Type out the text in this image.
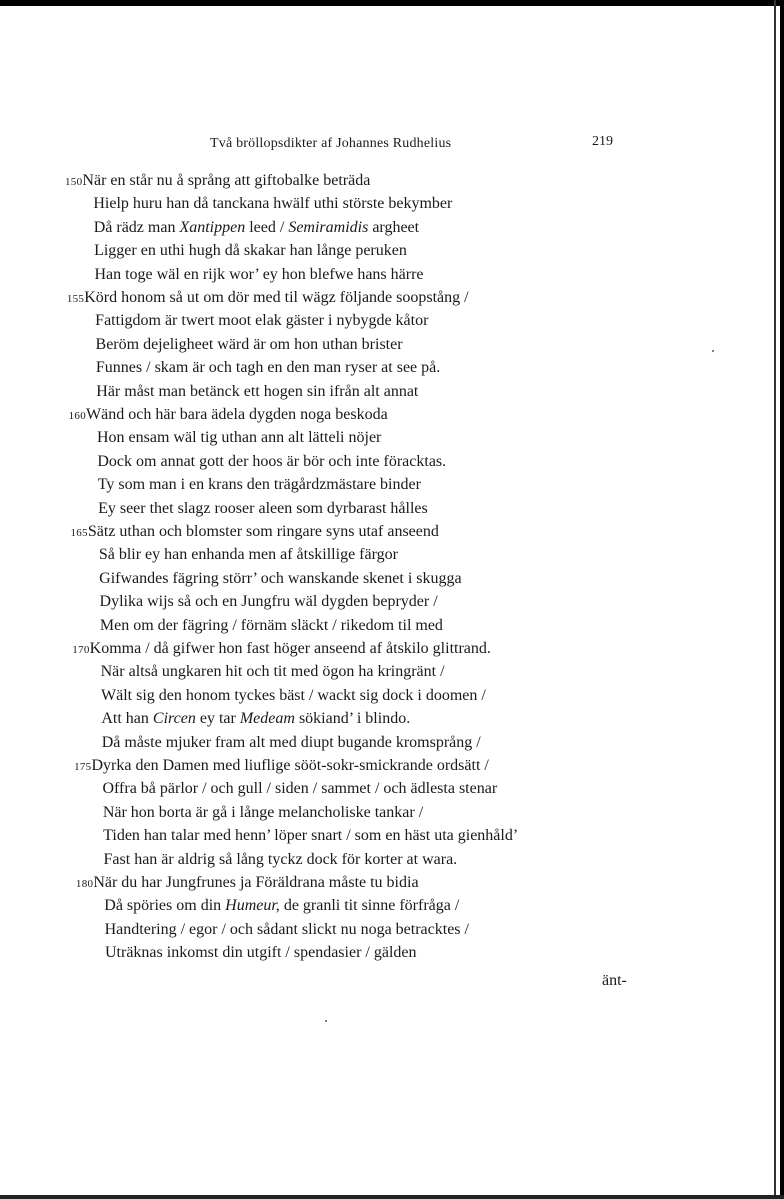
Två bröllopsdikter af Johannes Rudhelius	219
150När en står nu å språng att giftobalke beträda
Hielp huru han då tanckana hwälf uthi störste bekymber
Då rädz man Xantippen leed / Semiramidis argheet
Ligger en uthi hugh då skakar han långe peruken
Han toge wäl en rijk wor’ ey hon blefwe hans härre
155Körd honom så ut om dör med til wägz följande soopstång /
Fattigdom är twert moot elak gäster i nybygde kåtor
Beröm dejeligheet wärd är om hon uthan brister
Funnes / skam är och tagh en den man ryser at see på.
Här måst man betänck ett hogen sin ifrån alt annat
160Wänd och här bara ädela dygden noga beskoda
Hon ensam wäl tig uthan ann alt lätteli nöjer
Dock om annat gott der hoos är bör och inte föracktas.
Ty som man i en krans den trägårdzmästare binder
Ey seer thet slagz rooser aleen som dyrbarast hålles
165Sätz uthan och blomster som ringare syns utaf anseend
Så blir ey han enhanda men af åtskillige färgor
Gifwandes fägring störr’ och wanskande skenet i skugga
Dylika wijs så och en Jungfru wäl dygden bepryder /
Men om der fägring / förnäm släckt / rikedom til med
170Komma / då gifwer hon fast höger anseend af åtskilo glittrand.
När altså ungkaren hit och tit med ögon ha kringränt /
Wält sig den honom tyckes bäst / wackt sig dock i doomen /
Att han Circen ey tar Medeam sökiand’ i blindo.
Då måste mjuker fram alt med diupt bugande kromsprång /
175Dyrka den Damen med liuflige sööt-sokr-smickrande ordsätt /
Offra bå pärlor / och gull / siden / sammet / och ädlesta stenar
När hon borta är gå i långe melancholiske tankar /
Tiden han talar med henn’ löper snart / som en häst uta gienhåld’
Fast han är aldrig så lång tyckz dock för korter at wara.
180När du har Jungfrunes ja Föräldrana måste tu bidia
Då spöries om din Humeur, de granli tit sinne förfråga /
Handtering / egor / och sådant slickt nu noga betracktes /
Uträknas inkomst din utgift / spendasier / gälden
änt-
